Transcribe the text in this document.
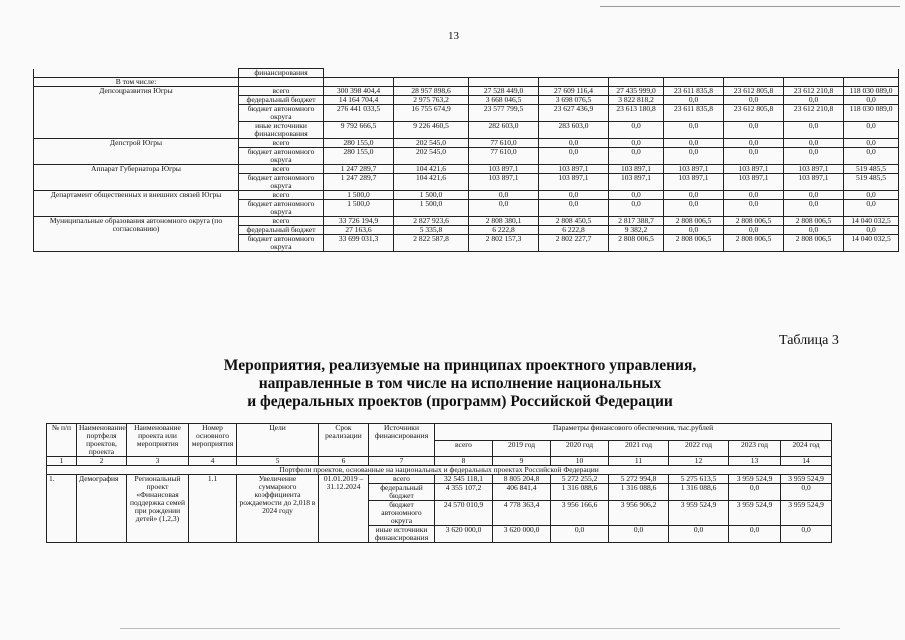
13
	финансирования									
В том числе:										
Депсоцразвития Югры	всего	300 398 404,4	28 957 898,6	27 528 449,0	27 609 116,4	27 435 999,0	23 611 835,8	23 612 805,8	23 612 210,8	118 030 089,0
	федеральный бюджет	14 164 704,4	2 975 763,2	3 668 046,5	3 698 076,5	3 822 818,2	0,0	0,0	0,0	0,0
	бюджет автономного округа	276 441 033,5	16 755 674,9	23 577 799,5	23 627 436,9	23 613 180,8	23 611 835,8	23 612 805,8	23 612 210,8	118 030 089,0
	иные источники финансирования	9 792 666,5	9 226 460,5	282 603,0	283 603,0	0,0	0,0	0,0	0,0	0,0
Депстрой Югры	всего	280 155,0	202 545,0	77 610,0	0,0	0,0	0,0	0,0	0,0	0,0
	бюджет автономного округа	280 155,0	202 545,0	77 610,0	0,0	0,0	0,0	0,0	0,0	0,0
Аппарат Губернатора Югры	всего	1 247 289,7	104 421,6	103 897,1	103 897,1	103 897,1	103 897,1	103 897,1	103 897,1	519 485,5
	бюджет автономного округа	1 247 289,7	104 421,6	103 897,1	103 897,1	103 897,1	103 897,1	103 897,1	103 897,1	519 485,5
Департамент общественных и внешних связей Югры	всего	1 500,0	1 500,0	0,0	0,0	0,0	0,0	0,0	0,0	0,0
	бюджет автономного округа	1 500,0	1 500,0	0,0	0,0	0,0	0,0	0,0	0,0	0,0
Муниципальные образования автономного округа (по согласованию)	всего	33 726 194,9	2 827 923,6	2 808 380,1	2 808 450,5	2 817 388,7	2 808 006,5	2 808 006,5	2 808 006,5	14 040 032,5
	федеральный бюджет	27 163,6	5 335,8	6 222,8	6 222,8	9 382,2	0,0	0,0	0,0	0,0
	бюджет автономного округа	33 699 031,3	2 822 587,8	2 802 157,3	2 802 227,7	2 808 006,5	2 808 006,5	2 808 006,5	2 808 006,5	14 040 032,5
Таблица 3
Мероприятия, реализуемые на принципах проектного управления,
направленные в том числе на исполнение национальных
и федеральных проектов (программ) Российской Федерации
№ п/п	Наименование портфеля проектов, проекта	Наименование проекта или мероприятия	Номер основного мероприятия	Цели	Срок реализации	Источники финансирования	Параметры финансового обеспечения, тыс.рублей						
							всего	2019 год	2020 год	2021 год	2022 год	2023 год	2024 год
1	2	3	4	5	6	7	8	9	10	11	12	13	14
Портфели проектов, основанные на национальных и федеральных проектах Российской Федерации													
1.	Демография	Региональный проект «Финансовая поддержка семей при рождении детей» (1,2,3)	1.1	Увеличение суммарного коэффициента рождаемости до 2,018 в 2024 году	01.01.2019 – 31.12.2024	всего	32 545 118,1	8 805 204,8	5 272 255,2	5 272 994,8	5 275 613,5	3 959 524,9	3 959 524,9
						федеральный бюджет	4 355 107,2	406 841,4	1 316 088,6	1 316 088,6	1 316 088,6	0,0	0,0
						бюджет автономного округа	24 570 010,9	4 778 363,4	3 956 166,6	3 956 906,2	3 959 524,9	3 959 524,9	3 959 524,9
						иные источники финансирования	3 620 000,0	3 620 000,0	0,0	0,0	0,0	0,0	0,0
